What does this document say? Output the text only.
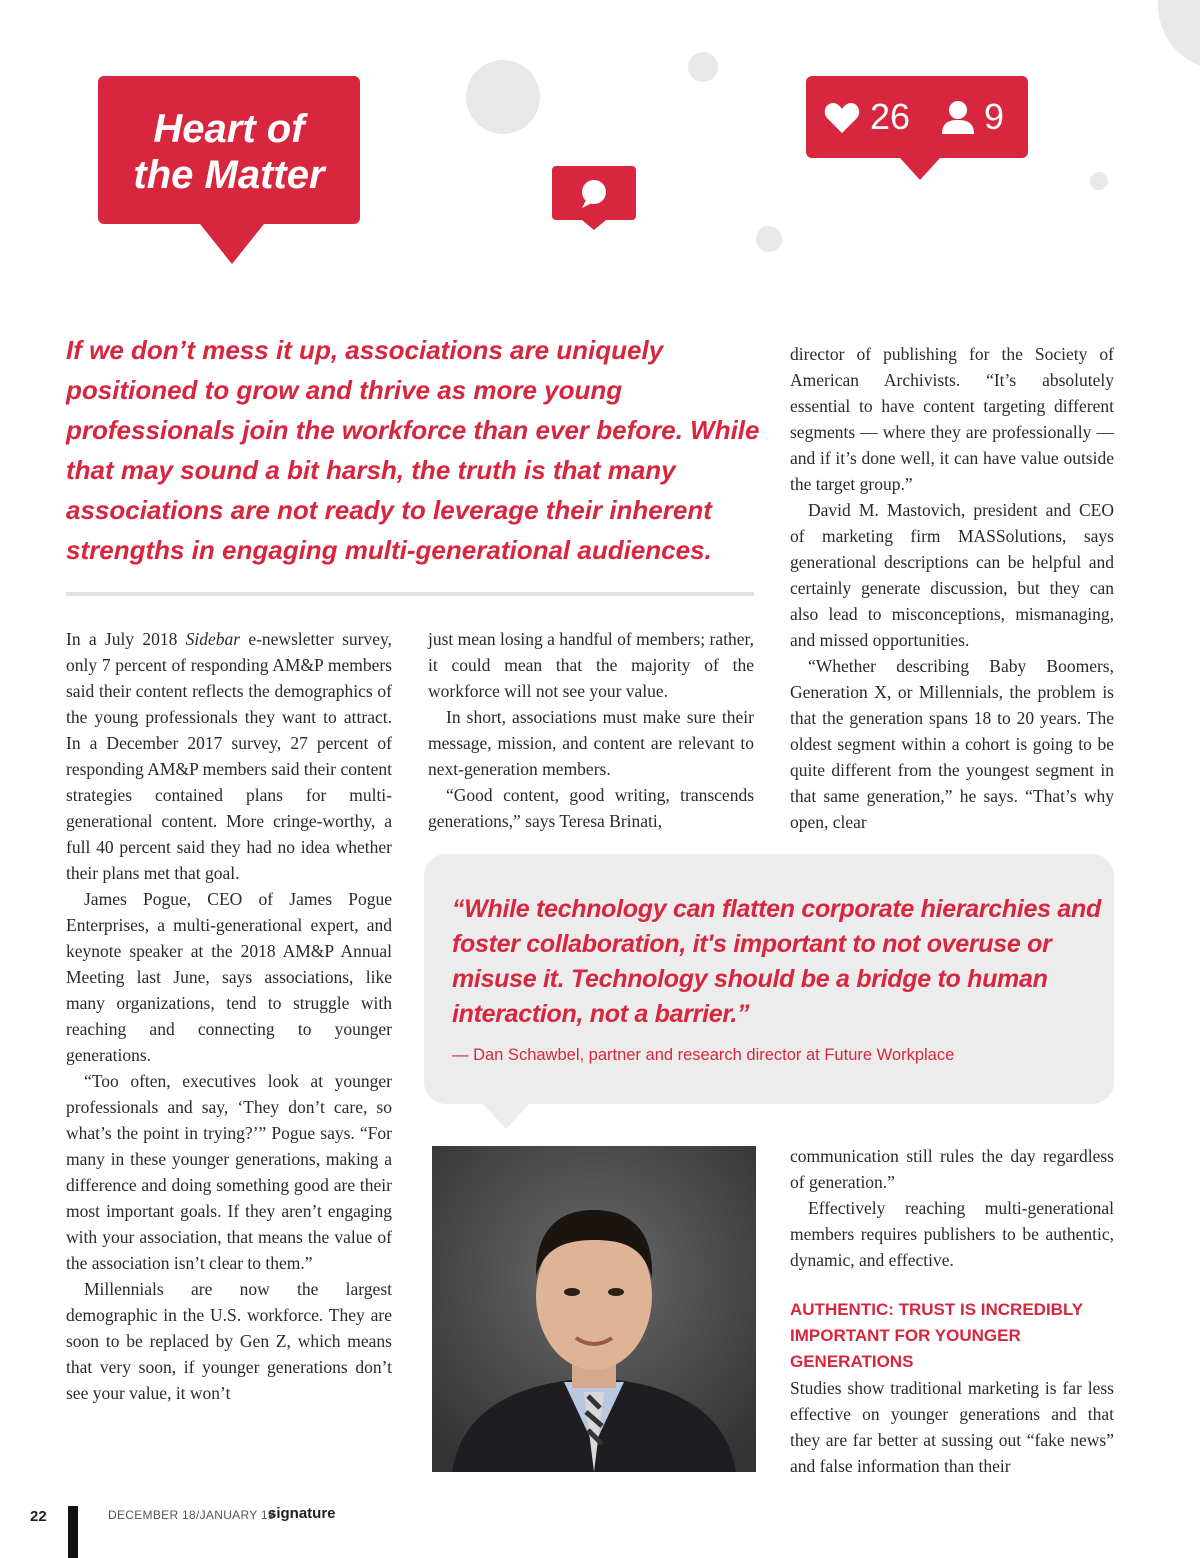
Heart of
the Matter
26 9
If we don’t mess it up, associations are uniquely positioned to grow and thrive as more young professionals join the workforce than ever before. While that may sound a bit harsh, the truth is that many associations are not ready to leverage their inherent strengths in engaging multi-generational audiences.

In a July 2018 Sidebar e-newsletter survey, only 7 percent of responding AM&P members said their content reflects the demographics of the young professionals they want to attract. In a December 2017 survey, 27 percent of responding AM&P members said their content strategies contained plans for multi-generational content. More cringe-worthy, a full 40 percent said they had no idea whether their plans met that goal.

James Pogue, CEO of James Pogue Enterprises, a multi-generational expert, and keynote speaker at the 2018 AM&P Annual Meeting last June, says associations, like many organizations, tend to struggle with reaching and connecting to younger generations.

“Too often, executives look at younger professionals and say, ‘They don’t care, so what’s the point in trying?’” Pogue says. “For many in these younger generations, making a difference and doing something good are their most important goals. If they aren’t engaging with your association, that means the value of the association isn’t clear to them.”

Millennials are now the largest demographic in the U.S. workforce. They are soon to be replaced by Gen Z, which means that very soon, if younger generations don’t see your value, it won’t

just mean losing a handful of members; rather, it could mean that the majority of the workforce will not see your value.

In short, associations must make sure their message, mission, and content are relevant to next-generation members.

“Good content, good writing, transcends generations,” says Teresa Brinati,

director of publishing for the Society of American Archivists. “It’s absolutely essential to have content targeting different segments — where they are professionally — and if it’s done well, it can have value outside the target group.”

David M. Mastovich, president and CEO of marketing firm MASSolutions, says generational descriptions can be helpful and certainly generate discussion, but they can also lead to misconceptions, mismanaging, and missed opportunities.

“Whether describing Baby Boomers, Generation X, or Millennials, the problem is that the generation spans 18 to 20 years. The oldest segment within a cohort is going to be quite different from the youngest segment in that same generation,” he says. “That’s why open, clear

“While technology can flatten corporate hierarchies and foster collaboration, it's important to not overuse or misuse it. Technology should be a bridge to human interaction, not a barrier.”
— Dan Schawbel, partner and research director at Future Workplace

communication still rules the day regardless of generation.”

Effectively reaching multi-generational members requires publishers to be authentic, dynamic, and effective.

AUTHENTIC: TRUST IS INCREDIBLY IMPORTANT FOR YOUNGER GENERATIONS

Studies show traditional marketing is far less effective on younger generations and that they are far better at sussing out “fake news” and false information than their

22	DECEMBER 18/JANUARY 19
signature
